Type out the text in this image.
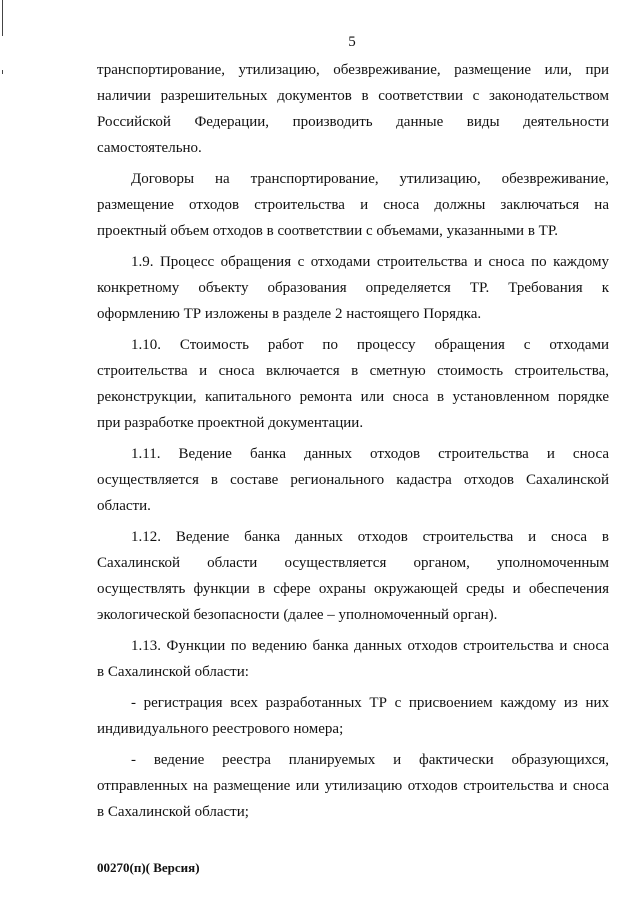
5
транспортирование, утилизацию, обезвреживание, размещение или, при
наличии разрешительных документов в соответствии с законодательством
Российской Федерации, производить данные виды деятельности
самостоятельно.
Договоры на транспортирование, утилизацию, обезвреживание,
размещение отходов строительства и сноса должны заключаться на
проектный объем отходов в соответствии с объемами, указанными в ТР.
1.9. Процесс обращения с отходами строительства и сноса по каждому
конкретному объекту образования определяется ТР. Требования к
оформлению ТР изложены в разделе 2 настоящего Порядка.
1.10. Стоимость работ по процессу обращения с отходами
строительства и сноса включается в сметную стоимость строительства,
реконструкции, капитального ремонта или сноса в установленном порядке
при разработке проектной документации.
1.11. Ведение банка данных отходов строительства и сноса
осуществляется в составе регионального кадастра отходов Сахалинской
области.
1.12. Ведение банка данных отходов строительства и сноса в
Сахалинской области осуществляется органом, уполномоченным
осуществлять функции в сфере охраны окружающей среды и обеспечения
экологической безопасности (далее – уполномоченный орган).
1.13. Функции по ведению банка данных отходов строительства и сноса
в Сахалинской области:
- регистрация всех разработанных ТР с присвоением каждому из них
индивидуального реестрового номера;
- ведение реестра планируемых и фактически образующихся,
отправленных на размещение или утилизацию отходов строительства и сноса
в Сахалинской области;
00270(п)( Версия)
